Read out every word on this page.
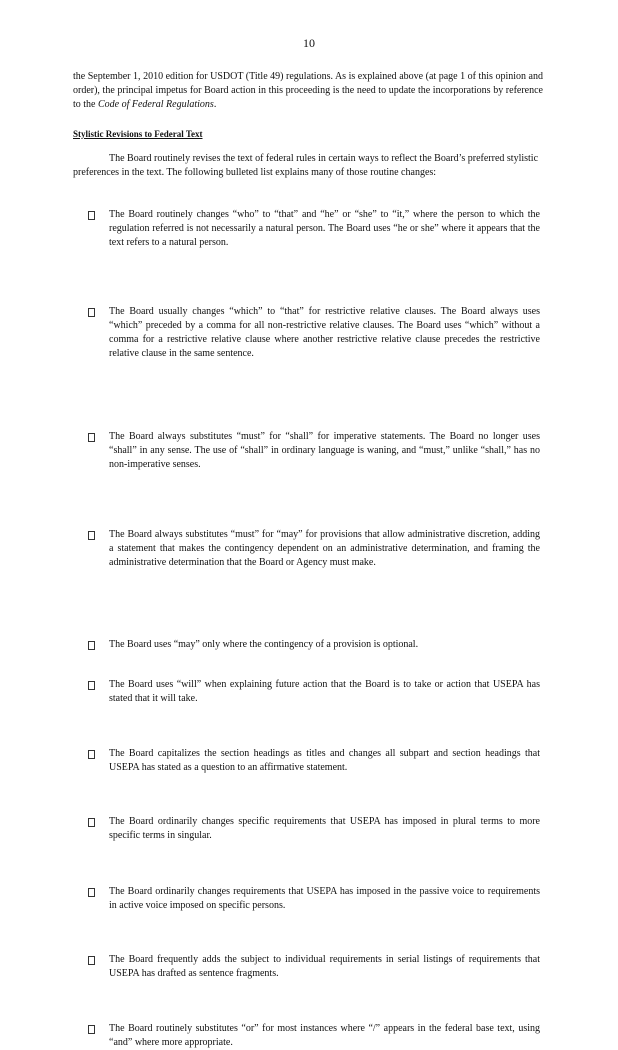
10

the September 1, 2010 edition for USDOT (Title 49) regulations. As is explained above (at page 1 of this opinion and order), the principal impetus for Board action in this proceeding is the need to update the incorporations by reference to the Code of Federal Regulations.

Stylistic Revisions to Federal Text

The Board routinely revises the text of federal rules in certain ways to reflect the Board’s preferred stylistic preferences in the text. The following bulleted list explains many of those routine changes:

The Board routinely changes “who” to “that” and “he” or “she” to “it,” where the person to which the regulation referred is not necessarily a natural person. The Board uses “he or she” where it appears that the text refers to a natural person.
The Board usually changes “which” to “that” for restrictive relative clauses. The Board always uses “which” preceded by a comma for all non-restrictive relative clauses. The Board uses “which” without a comma for a restrictive relative clause where another restrictive relative clause precedes the restrictive relative clause in the same sentence.
The Board always substitutes “must” for “shall” for imperative statements. The Board no longer uses “shall” in any sense. The use of “shall” in ordinary language is waning, and “must,” unlike “shall,” has no non-imperative senses.
The Board always substitutes “must” for “may” for provisions that allow administrative discretion, adding a statement that makes the contingency dependent on an administrative determination, and framing the administrative determination that the Board or Agency must make.
The Board uses “may” only where the contingency of a provision is optional.
The Board uses “will” when explaining future action that the Board is to take or action that USEPA has stated that it will take.
The Board capitalizes the section headings as titles and changes all subpart and section headings that USEPA has stated as a question to an affirmative statement.
The Board ordinarily changes specific requirements that USEPA has imposed in plural terms to more specific terms in singular.
The Board ordinarily changes requirements that USEPA has imposed in the passive voice to requirements in active voice imposed on specific persons.
The Board frequently adds the subject to individual requirements in serial listings of requirements that USEPA has drafted as sentence fragments.
The Board routinely substitutes “or” for most instances where “/” appears in the federal base text, using “and” where more appropriate.
